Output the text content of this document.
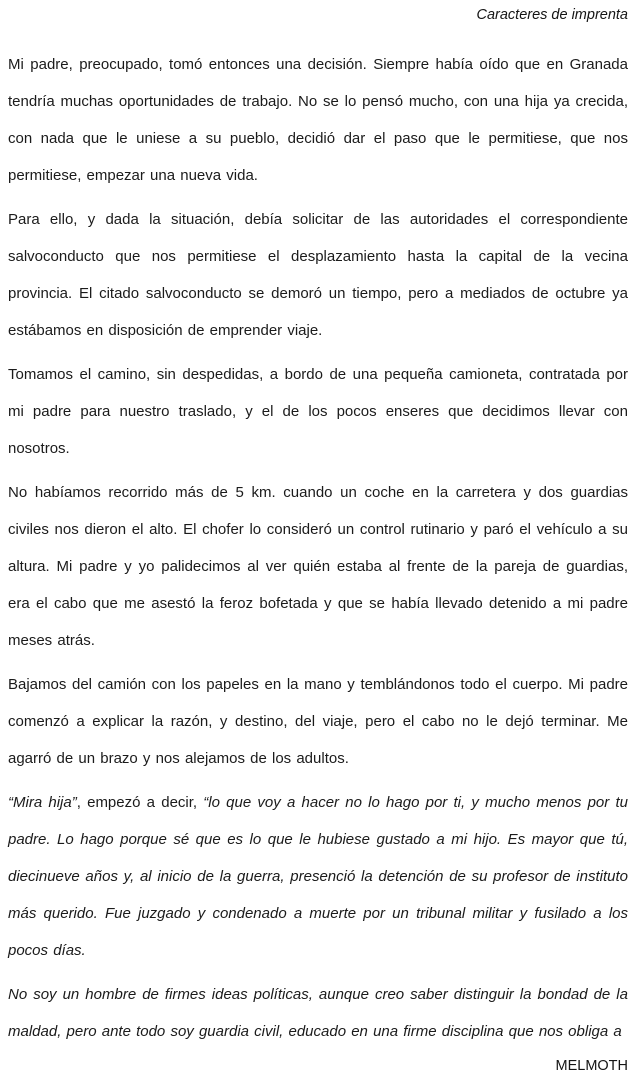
Caracteres de imprenta

Mi padre, preocupado, tomó entonces una decisión. Siempre había oído que en Granada tendría muchas oportunidades de trabajo. No se lo pensó mucho, con una hija ya crecida, con nada que le uniese a su pueblo, decidió dar el paso que le permitiese, que nos permitiese, empezar una nueva vida.

Para ello, y dada la situación, debía solicitar de las autoridades el correspondiente salvoconducto que nos permitiese el desplazamiento hasta la capital de la vecina provincia. El citado salvoconducto se demoró un tiempo, pero a mediados de octubre ya estábamos en disposición de emprender viaje.

Tomamos el camino, sin despedidas, a bordo de una pequeña camioneta, contratada por mi padre para nuestro traslado, y el de los pocos enseres que decidimos llevar con nosotros.

No habíamos recorrido más de 5 km. cuando un coche en la carretera y dos guardias civiles nos dieron el alto. El chofer lo consideró un control rutinario y paró el vehículo a su altura. Mi padre y yo palidecimos al ver quién estaba al frente de la pareja de guardias, era el cabo que me asestó la feroz bofetada y que se había llevado detenido a mi padre meses atrás.

Bajamos del camión con los papeles en la mano y temblándonos todo el cuerpo. Mi padre comenzó a explicar la razón, y destino, del viaje, pero el cabo no le dejó terminar. Me agarró de un brazo y nos alejamos de los adultos.

“Mira hija”, empezó a decir, “lo que voy a hacer no lo hago por ti, y mucho menos por tu padre. Lo hago porque sé que es lo que le hubiese gustado a mi hijo. Es mayor que tú, diecinueve años y, al inicio de la guerra, presenció la detención de su profesor de instituto más querido. Fue juzgado y condenado a muerte por un tribunal militar y fusilado a los pocos días.

No soy un hombre de firmes ideas políticas, aunque creo saber distinguir la bondad de la maldad, pero ante todo soy guardia civil, educado en una firme disciplina que nos obliga a

MELMOTH
